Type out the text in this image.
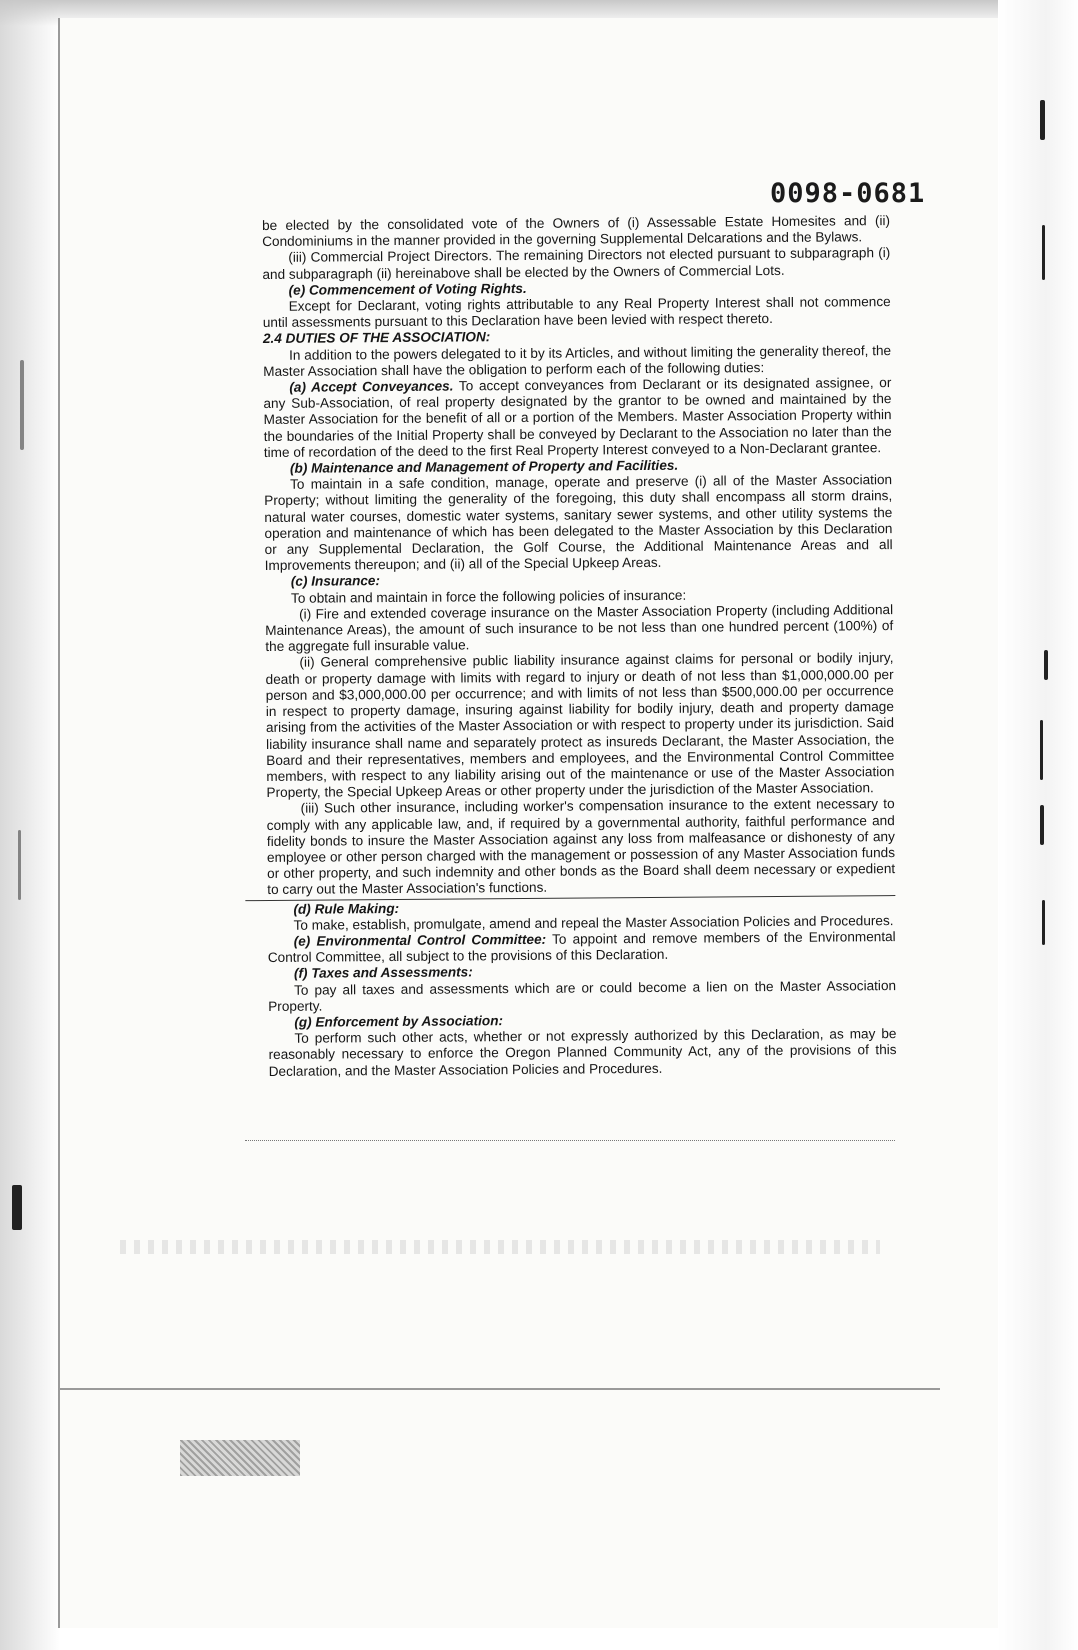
0098-0681

be elected by the consolidated vote of the Owners of (i) Assessable Estate Homesites and (ii) Condominiums in the manner provided in the governing Supplemental Delcarations and the Bylaws.

(iii) Commercial Project Directors. The remaining Directors not elected pursuant to subparagraph (i) and subparagraph (ii) hereinabove shall be elected by the Owners of Commercial Lots.

(e) Commencement of Voting Rights.

Except for Declarant, voting rights attributable to any Real Property Interest shall not commence until assessments pursuant to this Declaration have been levied with respect thereto.

2.4 DUTIES OF THE ASSOCIATION:

In addition to the powers delegated to it by its Articles, and without limiting the generality thereof, the Master Association shall have the obligation to perform each of the following duties:

(a) Accept Conveyances. To accept conveyances from Declarant or its designated assignee, or any Sub-Association, of real property designated by the grantor to be owned and maintained by the Master Association for the benefit of all or a portion of the Members. Master Association Property within the boundaries of the Initial Property shall be conveyed by Declarant to the Association no later than the time of recordation of the deed to the first Real Property Interest conveyed to a Non-Declarant grantee.

(b) Maintenance and Management of Property and Facilities.

To maintain in a safe condition, manage, operate and preserve (i) all of the Master Association Property; without limiting the generality of the foregoing, this duty shall encompass all storm drains, natural water courses, domestic water systems, sanitary sewer systems, and other utility systems the operation and maintenance of which has been delegated to the Master Association by this Declaration or any Supplemental Declaration, the Golf Course, the Additional Maintenance Areas and all Improvements thereupon; and (ii) all of the Special Upkeep Areas.

(c) Insurance:

To obtain and maintain in force the following policies of insurance:

(i) Fire and extended coverage insurance on the Master Association Property (including Additional Maintenance Areas), the amount of such insurance to be not less than one hundred percent (100%) of the aggregate full insurable value.

(ii) General comprehensive public liability insurance against claims for personal or bodily injury, death or property damage with limits with regard to injury or death of not less than $1,000,000.00 per person and $3,000,000.00 per occurrence; and with limits of not less than $500,000.00 per occurrence in respect to property damage, insuring against liability for bodily injury, death and property damage arising from the activities of the Master Association or with respect to property under its jurisdiction. Said liability insurance shall name and separately protect as insureds Declarant, the Master Association, the Board and their representatives, members and employees, and the Environmental Control Committee members, with respect to any liability arising out of the maintenance or use of the Master Association Property, the Special Upkeep Areas or other property under the jurisdiction of the Master Association.

(iii) Such other insurance, including worker's compensation insurance to the extent necessary to comply with any applicable law, and, if required by a governmental authority, faithful performance and fidelity bonds to insure the Master Association against any loss from malfeasance or dishonesty of any employee or other person charged with the management or possession of any Master Association funds or other property, and such indemnity and other bonds as the Board shall deem necessary or expedient to carry out the Master Association's functions.

(d) Rule Making:

To make, establish, promulgate, amend and repeal the Master Association Policies and Procedures.

(e) Environmental Control Committee: To appoint and remove members of the Environmental Control Committee, all subject to the provisions of this Declaration.

(f) Taxes and Assessments:

To pay all taxes and assessments which are or could become a lien on the Master Association Property.

(g) Enforcement by Association:

To perform such other acts, whether or not expressly authorized by this Declaration, as may be reasonably necessary to enforce the Oregon Planned Community Act, any of the provisions of this Declaration, and the Master Association Policies and Procedures.
